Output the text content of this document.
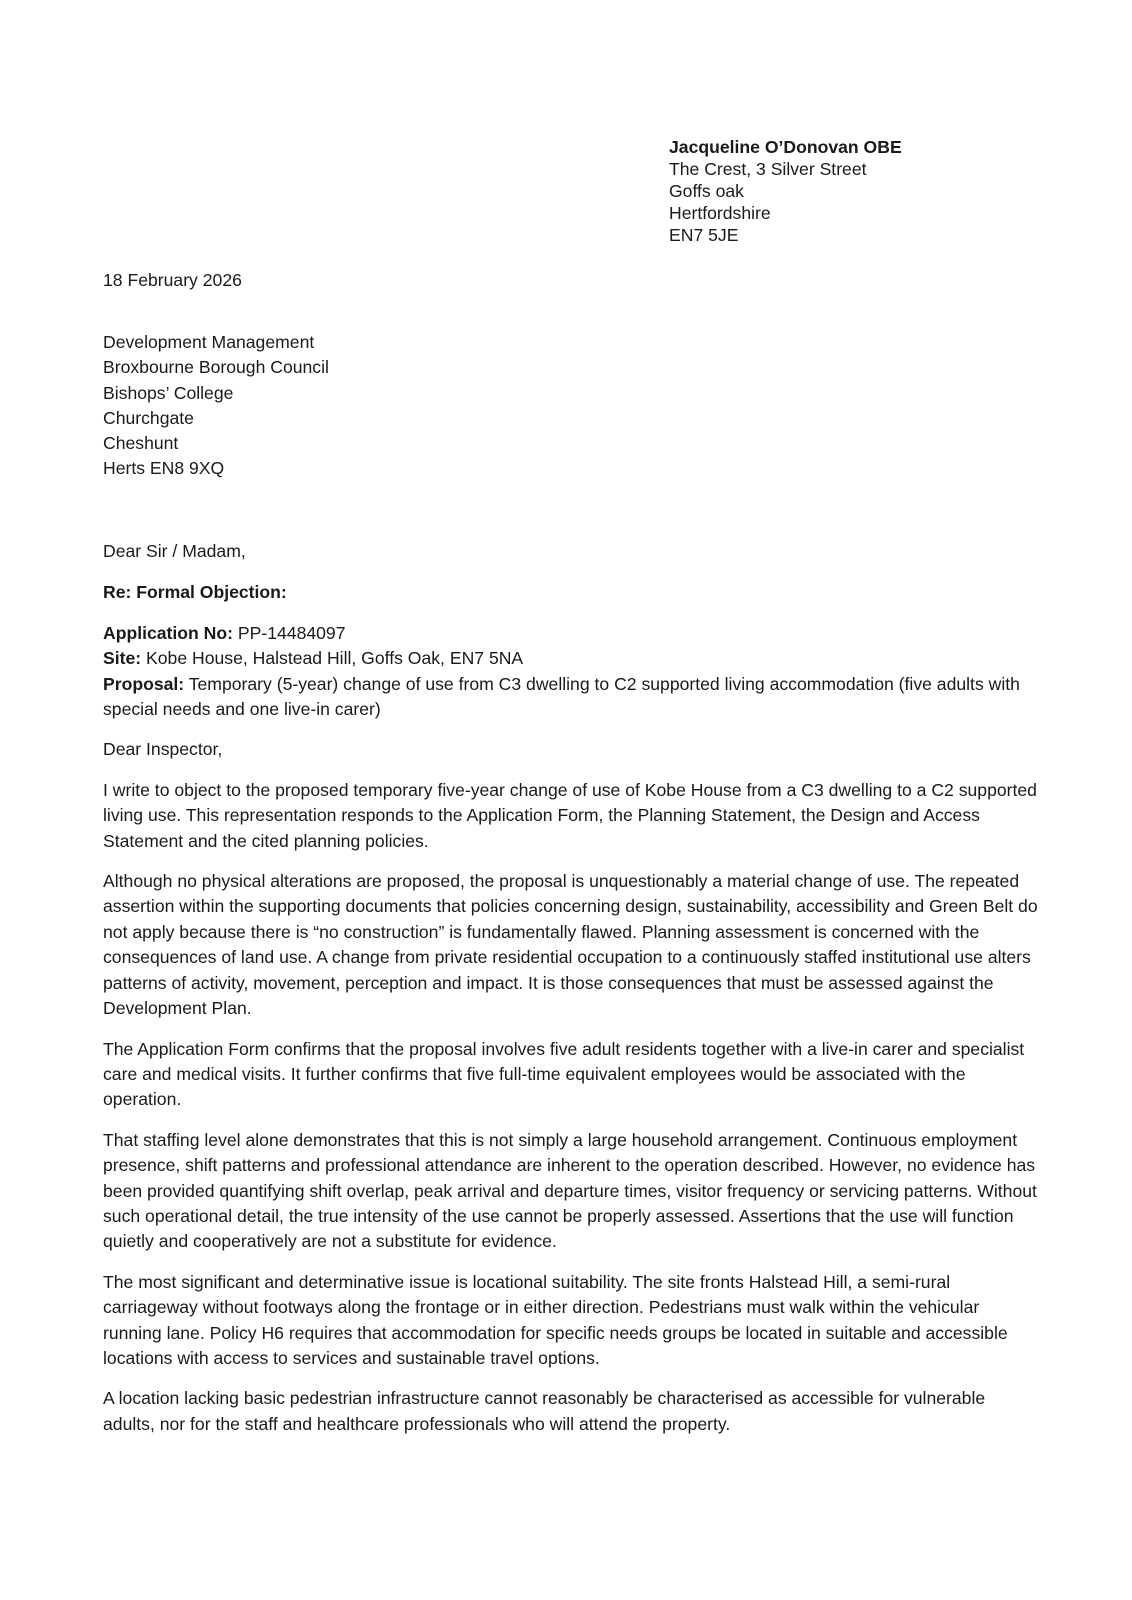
Jacqueline O’Donovan OBE
The Crest, 3 Silver Street
Goffs oak
Hertfordshire
EN7 5JE
18 February 2026
Development Management
Broxbourne Borough Council
Bishops’ College
Churchgate
Cheshunt
Herts EN8 9XQ

Dear Sir / Madam,

Re: Formal Objection:

Application No: PP-14484097
Site: Kobe House, Halstead Hill, Goffs Oak, EN7 5NA
Proposal: Temporary (5-year) change of use from C3 dwelling to C2 supported living accommodation (five adults with special needs and one live-in carer)

Dear Inspector,

I write to object to the proposed temporary five-year change of use of Kobe House from a C3 dwelling to a C2 supported living use. This representation responds to the Application Form, the Planning Statement, the Design and Access Statement and the cited planning policies.

Although no physical alterations are proposed, the proposal is unquestionably a material change of use. The repeated assertion within the supporting documents that policies concerning design, sustainability, accessibility and Green Belt do not apply because there is “no construction” is fundamentally flawed. Planning assessment is concerned with the consequences of land use. A change from private residential occupation to a continuously staffed institutional use alters patterns of activity, movement, perception and impact. It is those consequences that must be assessed against the Development Plan.

The Application Form confirms that the proposal involves five adult residents together with a live-in carer and specialist care and medical visits. It further confirms that five full-time equivalent employees would be associated with the operation.

That staffing level alone demonstrates that this is not simply a large household arrangement. Continuous employment presence, shift patterns and professional attendance are inherent to the operation described. However, no evidence has been provided quantifying shift overlap, peak arrival and departure times, visitor frequency or servicing patterns. Without such operational detail, the true intensity of the use cannot be properly assessed. Assertions that the use will function quietly and cooperatively are not a substitute for evidence.

The most significant and determinative issue is locational suitability. The site fronts Halstead Hill, a semi-rural carriageway without footways along the frontage or in either direction. Pedestrians must walk within the vehicular running lane. Policy H6 requires that accommodation for specific needs groups be located in suitable and accessible locations with access to services and sustainable travel options.

A location lacking basic pedestrian infrastructure cannot reasonably be characterised as accessible for vulnerable adults, nor for the staff and healthcare professionals who will attend the property.
